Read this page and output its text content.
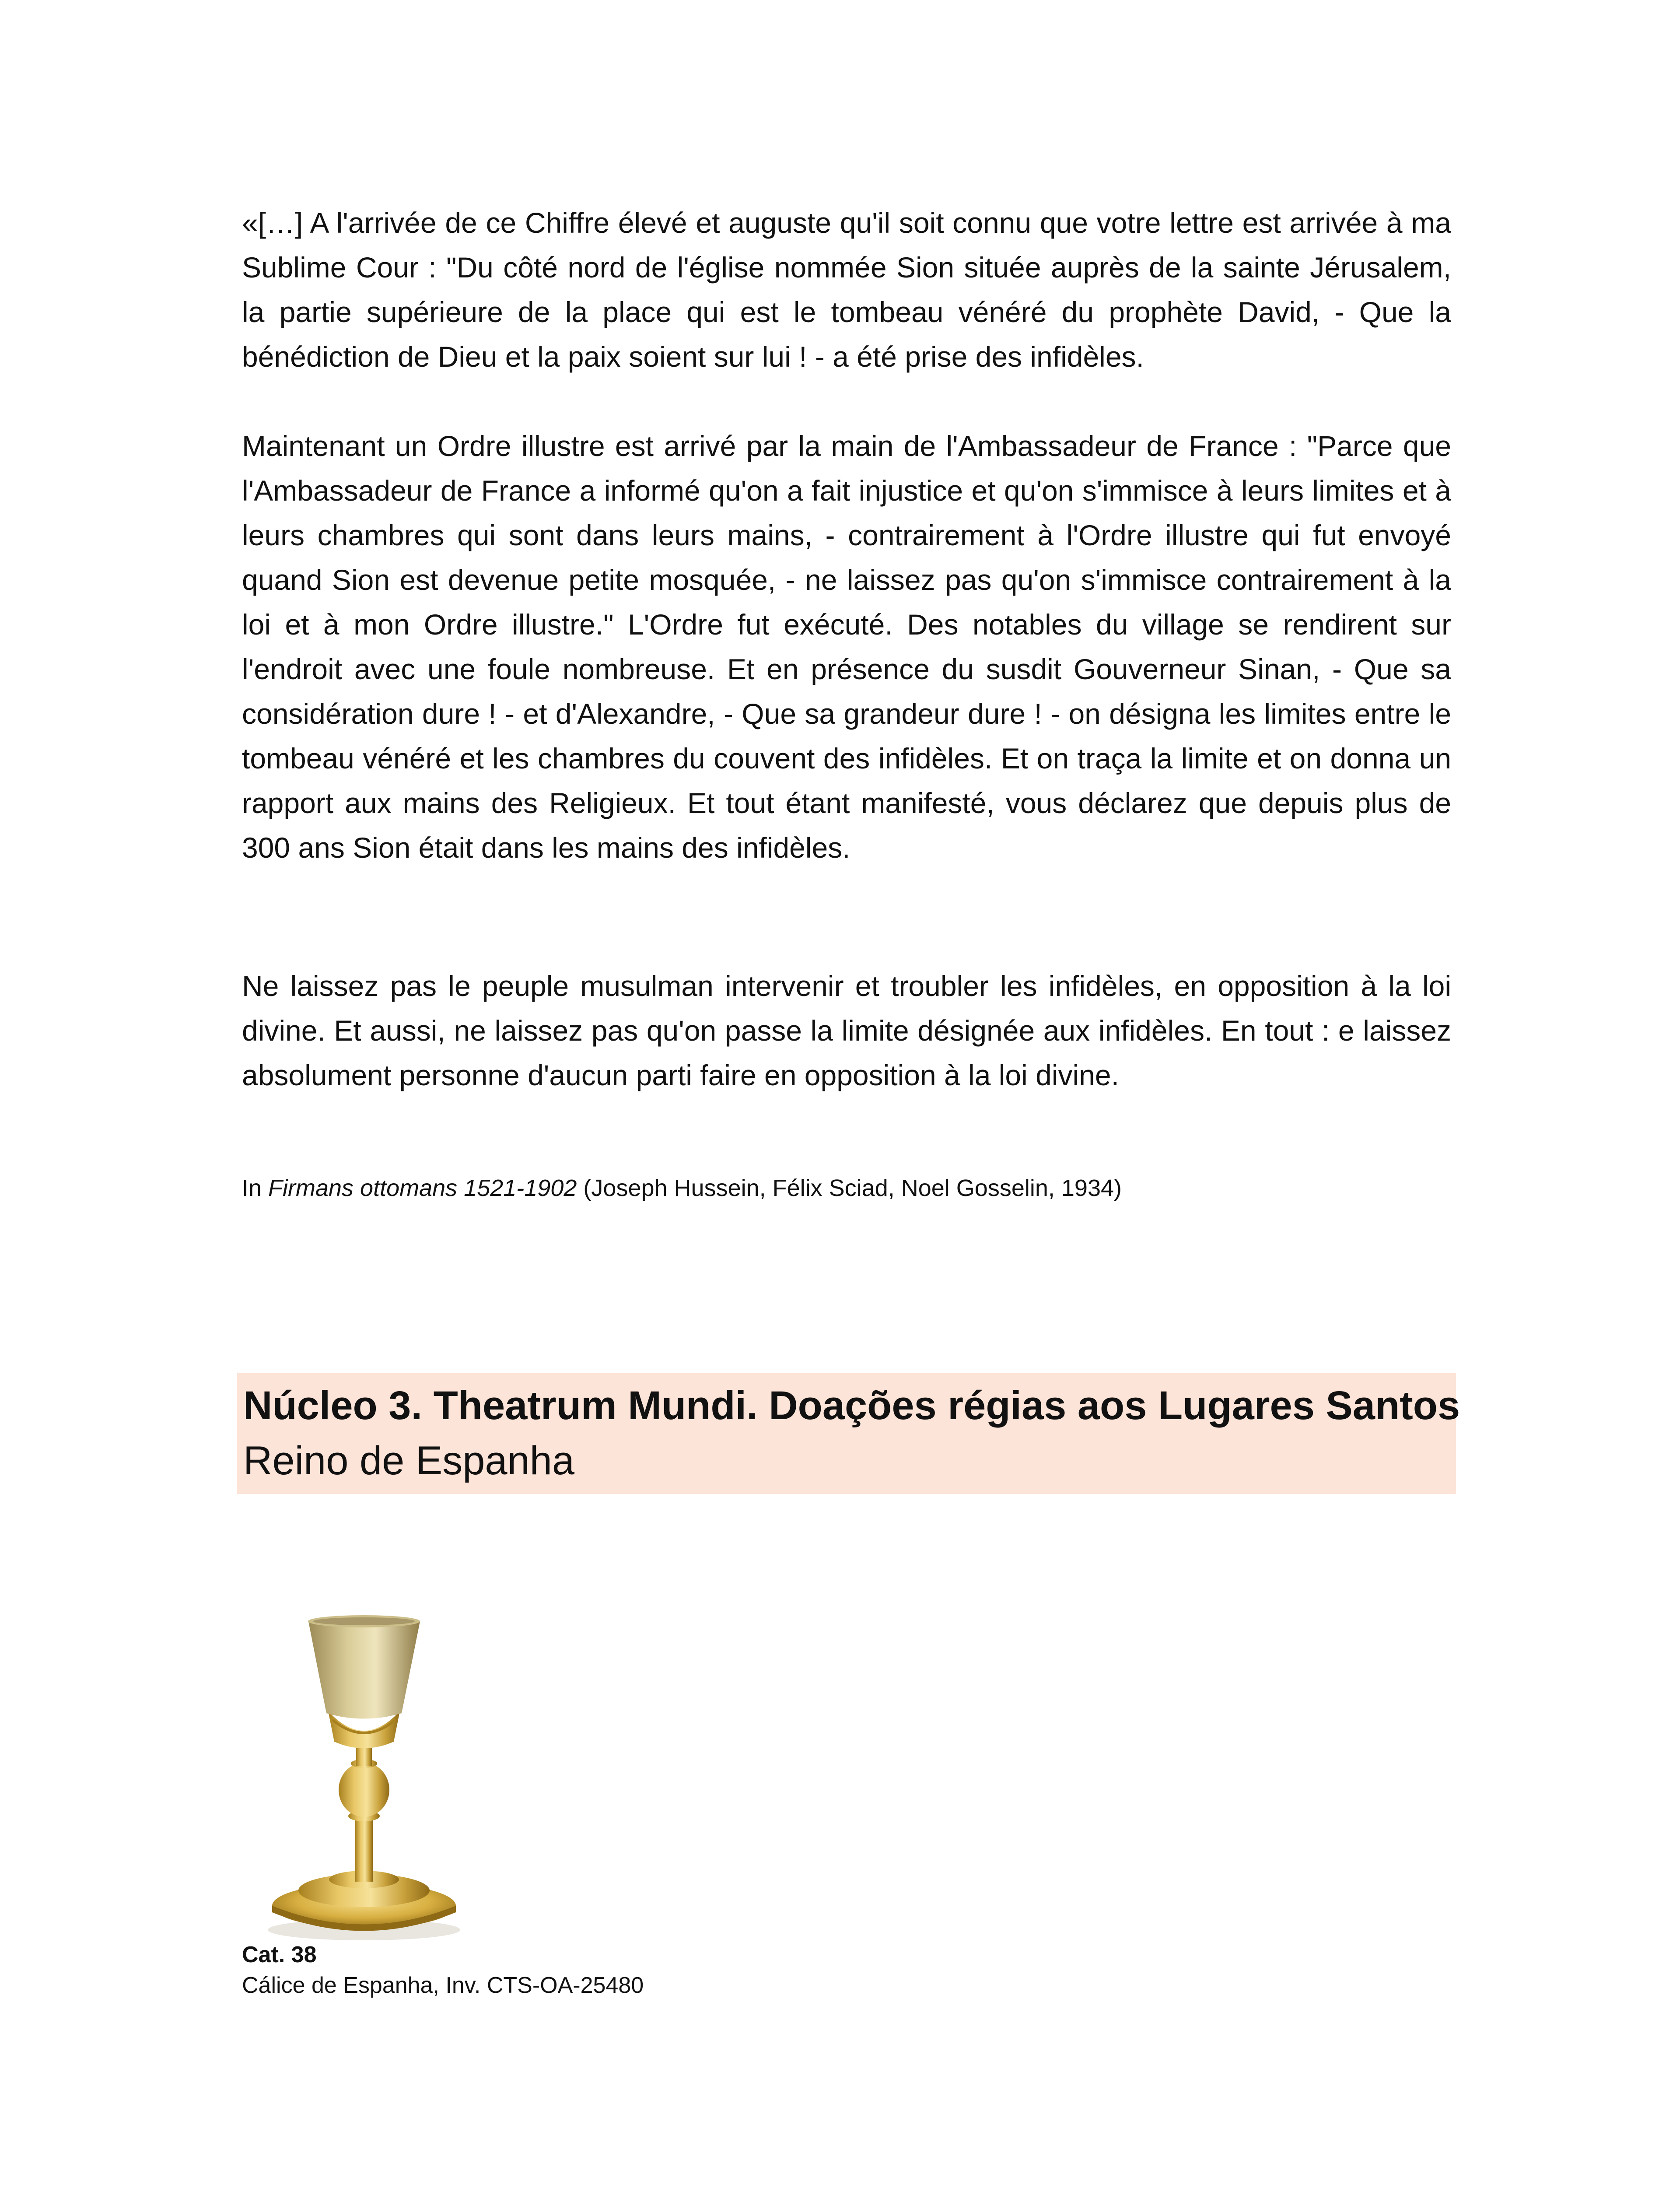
«[…] A l'arrivée de ce Chiffre élevé et auguste qu'il soit connu que votre lettre est arrivée à ma Sublime Cour : "Du côté nord de l'église nommée Sion située auprès de la sainte Jérusalem, la partie supérieure de la place qui est le tombeau vénéré du prophète David, - Que la bénédiction de Dieu et la paix soient sur lui ! - a été prise des infidèles.
Maintenant un Ordre illustre est arrivé par la main de l'Ambassadeur de France : "Parce que l'Ambassadeur de France a informé qu'on a fait injustice et qu'on s'immisce à leurs limites et à leurs chambres qui sont dans leurs mains, - contrairement à l'Ordre illustre qui fut envoyé quand Sion est devenue petite mosquée, - ne laissez pas qu'on s'immisce contrairement à la loi et à mon Ordre illustre." L'Ordre fut exécuté. Des notables du village se rendirent sur l'endroit avec une foule nombreuse. Et en présence du susdit Gouverneur Sinan, - Que sa considération dure ! - et d'Alexandre, - Que sa grandeur dure ! - on désigna les limites entre le tombeau vénéré et les chambres du couvent des infidèles. Et on traça la limite et on donna un rapport aux mains des Religieux. Et tout étant manifesté, vous déclarez que depuis plus de 300 ans Sion était dans les mains des infidèles.
Ne laissez pas le peuple musulman intervenir et troubler les infidèles, en opposition à la loi divine. Et aussi, ne laissez pas qu'on passe la limite désignée aux infidèles. En tout : e laissez absolument personne d'aucun parti faire en opposition à la loi divine.
In Firmans ottomans 1521-1902 (Joseph Hussein, Félix Sciad, Noel Gosselin, 1934)
Núcleo 3. Theatrum Mundi. Doações régias aos Lugares Santos
Reino de Espanha
Cat. 38
Cálice de Espanha, Inv. CTS-OA-25480
